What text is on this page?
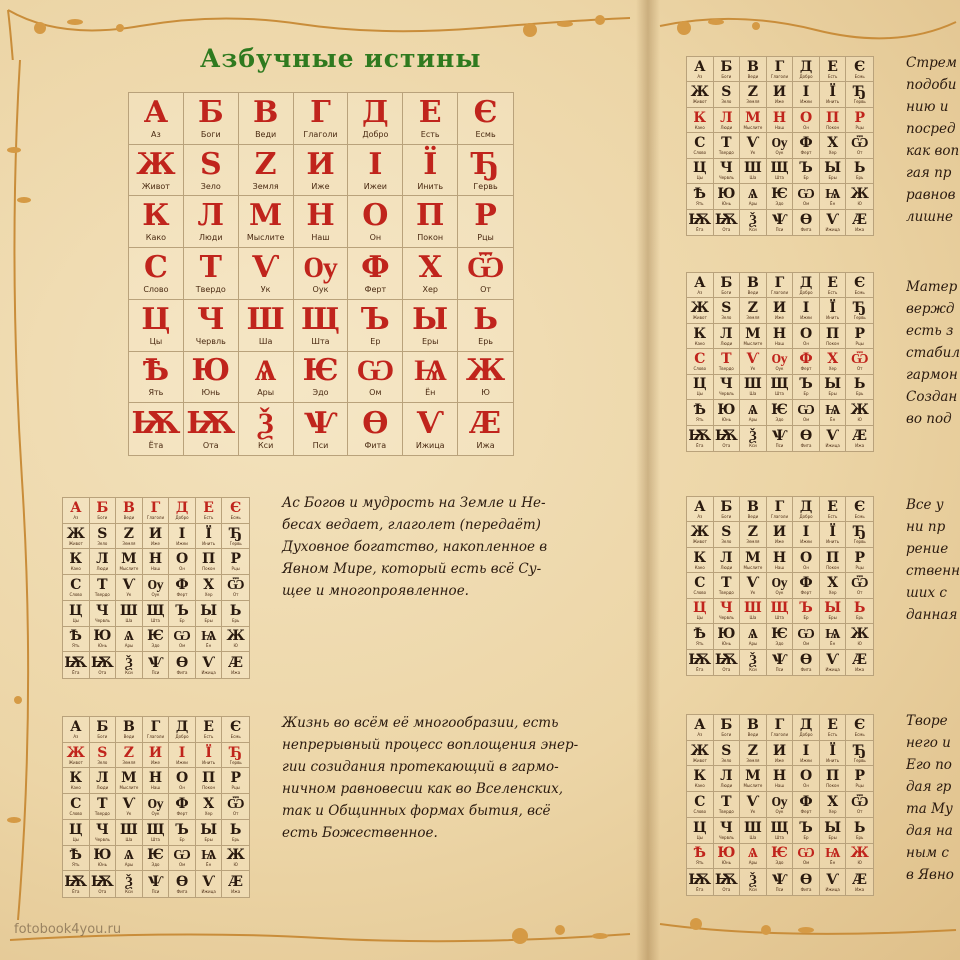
Азбучные истины
А
Аз
Б
Боги
В
Веди
Г
Глаголи
Д
Добро
Е
Есть
Є
Есмь
Ж
Живот
Ѕ
Зело
Z
Земля
И
Иже
І
Ижеи
Ї
Инить
Ђ
Гервь
К
Како
Л
Люди
М
Мыслите
Н
Наш
О
Он
П
Покон
Р
Рцы
С
Слово
Т
Твердо
Ѵ
Ук
Ѹ
Оук
Ф
Ферт
Х
Хер
Ѿ
От
Ц
Цы
Ч
Червль
Ш
Ша
Щ
Шта
Ъ
Ер
Ы
Еры
Ь
Ерь
Ѣ
Ять
Ю
Юнь
Ѧ
Ары
Ѥ
Эдо
Ѡ
Ом
Ѩ
Ён
Ж
Ю
Ѭ
Ёта
Ѭ
Ота
Ѯ
Кси
Ѱ
Пси
Ѳ
Фита
Ѵ
Ижица
Æ
Ижа
А
Аз
Б
Боги
В
Веди
Г
Глаголи
Д
Добро
Е
Есть
Є
Есмь
Ж
Живот
Ѕ
Зело
Z
Земля
И
Иже
І
Ижеи
Ї
Инить
Ђ
Гервь
К
Како
Л
Люди
М
Мыслите
Н
Наш
О
Он
П
Покон
Р
Рцы
С
Слово
Т
Твердо
Ѵ
Ук
Ѹ
Оук
Ф
Ферт
Х
Хер
Ѿ
От
Ц
Цы
Ч
Червль
Ш
Ша
Щ
Шта
Ъ
Ер
Ы
Еры
Ь
Ерь
Ѣ
Ять
Ю
Юнь
Ѧ
Ары
Ѥ
Эдо
Ѡ
Ом
Ѩ
Ён
Ж
Ю
Ѭ
Ёта
Ѭ
Ота
Ѯ
Кси
Ѱ
Пси
Ѳ
Фита
Ѵ
Ижица
Æ
Ижа
А
Аз
Б
Боги
В
Веди
Г
Глаголи
Д
Добро
Е
Есть
Є
Есмь
Ж
Живот
Ѕ
Зело
Z
Земля
И
Иже
І
Ижеи
Ї
Инить
Ђ
Гервь
К
Како
Л
Люди
М
Мыслите
Н
Наш
О
Он
П
Покон
Р
Рцы
С
Слово
Т
Твердо
Ѵ
Ук
Ѹ
Оук
Ф
Ферт
Х
Хер
Ѿ
От
Ц
Цы
Ч
Червль
Ш
Ша
Щ
Шта
Ъ
Ер
Ы
Еры
Ь
Ерь
Ѣ
Ять
Ю
Юнь
Ѧ
Ары
Ѥ
Эдо
Ѡ
Ом
Ѩ
Ён
Ж
Ю
Ѭ
Ёта
Ѭ
Ота
Ѯ
Кси
Ѱ
Пси
Ѳ
Фита
Ѵ
Ижица
Æ
Ижа
А
Аз
Б
Боги
В
Веди
Г
Глаголи
Д
Добро
Е
Есть
Є
Есмь
Ж
Живот
Ѕ
Зело
Z
Земля
И
Иже
І
Ижеи
Ї
Инить
Ђ
Гервь
К
Како
Л
Люди
М
Мыслите
Н
Наш
О
Он
П
Покон
Р
Рцы
С
Слово
Т
Твердо
Ѵ
Ук
Ѹ
Оук
Ф
Ферт
Х
Хер
Ѿ
От
Ц
Цы
Ч
Червль
Ш
Ша
Щ
Шта
Ъ
Ер
Ы
Еры
Ь
Ерь
Ѣ
Ять
Ю
Юнь
Ѧ
Ары
Ѥ
Эдо
Ѡ
Ом
Ѩ
Ён
Ж
Ю
Ѭ
Ёта
Ѭ
Ота
Ѯ
Кси
Ѱ
Пси
Ѳ
Фита
Ѵ
Ижица
Æ
Ижа
А
Аз
Б
Боги
В
Веди
Г
Глаголи
Д
Добро
Е
Есть
Є
Есмь
Ж
Живот
Ѕ
Зело
Z
Земля
И
Иже
І
Ижеи
Ї
Инить
Ђ
Гервь
К
Како
Л
Люди
М
Мыслите
Н
Наш
О
Он
П
Покон
Р
Рцы
С
Слово
Т
Твердо
Ѵ
Ук
Ѹ
Оук
Ф
Ферт
Х
Хер
Ѿ
От
Ц
Цы
Ч
Червль
Ш
Ша
Щ
Шта
Ъ
Ер
Ы
Еры
Ь
Ерь
Ѣ
Ять
Ю
Юнь
Ѧ
Ары
Ѥ
Эдо
Ѡ
Ом
Ѩ
Ён
Ж
Ю
Ѭ
Ёта
Ѭ
Ота
Ѯ
Кси
Ѱ
Пси
Ѳ
Фита
Ѵ
Ижица
Æ
Ижа
А
Аз
Б
Боги
В
Веди
Г
Глаголи
Д
Добро
Е
Есть
Є
Есмь
Ж
Живот
Ѕ
Зело
Z
Земля
И
Иже
І
Ижеи
Ї
Инить
Ђ
Гервь
К
Како
Л
Люди
М
Мыслите
Н
Наш
О
Он
П
Покон
Р
Рцы
С
Слово
Т
Твердо
Ѵ
Ук
Ѹ
Оук
Ф
Ферт
Х
Хер
Ѿ
От
Ц
Цы
Ч
Червль
Ш
Ша
Щ
Шта
Ъ
Ер
Ы
Еры
Ь
Ерь
Ѣ
Ять
Ю
Юнь
Ѧ
Ары
Ѥ
Эдо
Ѡ
Ом
Ѩ
Ён
Ж
Ю
Ѭ
Ёта
Ѭ
Ота
Ѯ
Кси
Ѱ
Пси
Ѳ
Фита
Ѵ
Ижица
Æ
Ижа
А
Аз
Б
Боги
В
Веди
Г
Глаголи
Д
Добро
Е
Есть
Є
Есмь
Ж
Живот
Ѕ
Зело
Z
Земля
И
Иже
І
Ижеи
Ї
Инить
Ђ
Гервь
К
Како
Л
Люди
М
Мыслите
Н
Наш
О
Он
П
Покон
Р
Рцы
С
Слово
Т
Твердо
Ѵ
Ук
Ѹ
Оук
Ф
Ферт
Х
Хер
Ѿ
От
Ц
Цы
Ч
Червль
Ш
Ша
Щ
Шта
Ъ
Ер
Ы
Еры
Ь
Ерь
Ѣ
Ять
Ю
Юнь
Ѧ
Ары
Ѥ
Эдо
Ѡ
Ом
Ѩ
Ён
Ж
Ю
Ѭ
Ёта
Ѭ
Ота
Ѯ
Кси
Ѱ
Пси
Ѳ
Фита
Ѵ
Ижица
Æ
Ижа
Ас Богов и мудрость на Земле и Не-
бесах ведает, глаголет (передаёт)
Духовное богатство, накопленное в
Явном Мире, который есть всё Су-
щее и многопроявленное.
Жизнь во всём её многообразии, есть
непрерывный процесс воплощения энер-
гии созидания протекающий в гармо-
ничном равновесии как во Вселенских,
так и Общинных формах бытия, всё
есть Божественное.
Стрем
подоби
нию и
посред
как воп
гая пр
равнов
лишне
Матер
вержд
есть з
стабил
гармон
Создан
во под
Все у
ни пр
рение
ственн
ших с
данная
Творе
него и
Его по
дая гр
та Му
дая на
ным с
в Явно
fotobook4you.ru
